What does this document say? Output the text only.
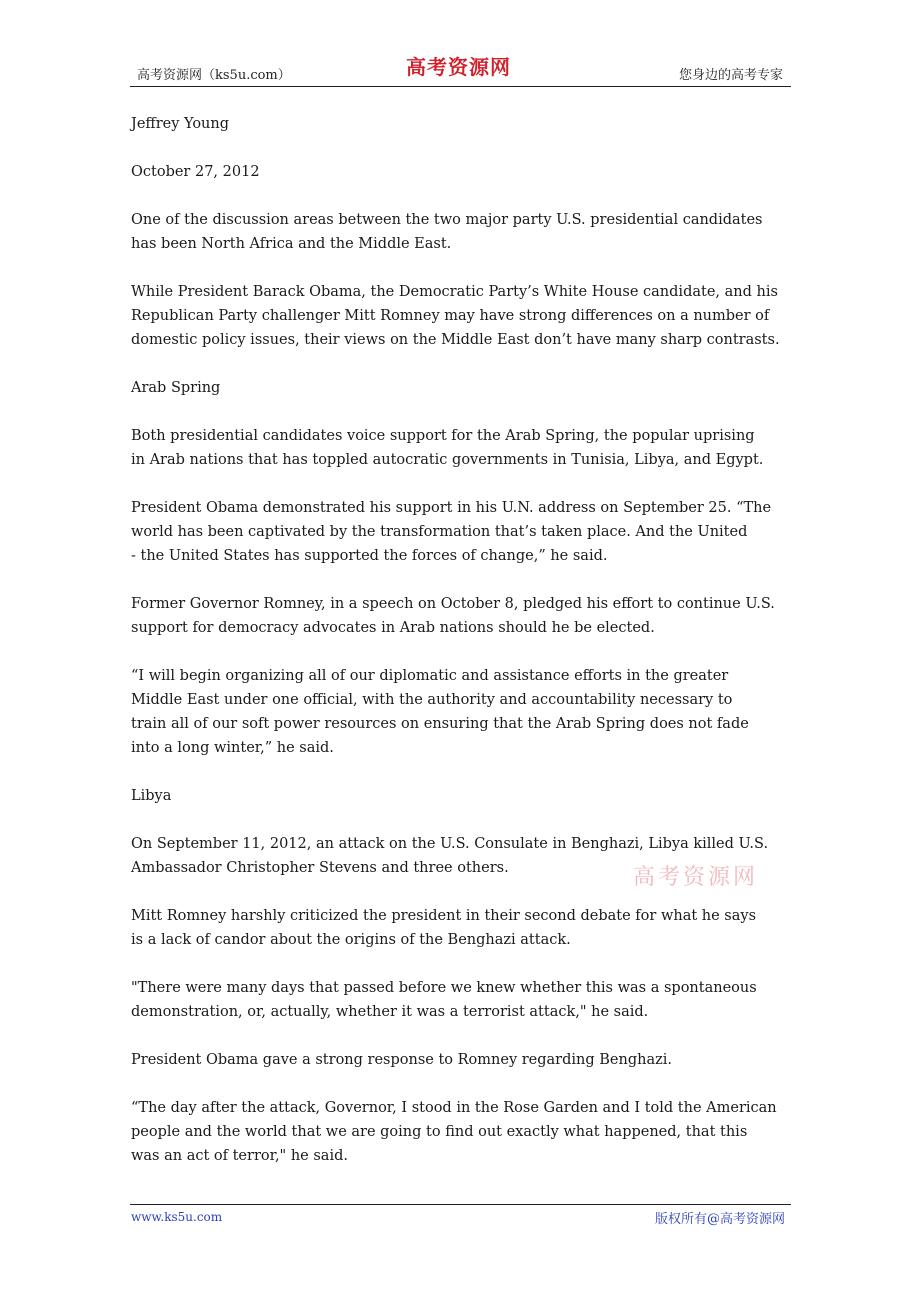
高考资源网（ks5u.com）	高考资源网	您身边的高考专家

Jeffrey Young

October 27, 2012

One of the discussion areas between the two major party U.S. presidential candidates
has been North Africa and the Middle East.

While President Barack Obama, the Democratic Party’s White House candidate, and his
Republican Party challenger Mitt Romney may have strong differences on a number of
domestic policy issues, their views on the Middle East don’t have many sharp contrasts.

Arab Spring

Both presidential candidates voice support for the Arab Spring, the popular uprising
in Arab nations that has toppled autocratic governments in Tunisia, Libya, and Egypt.

President Obama demonstrated his support in his U.N. address on September 25. “The
world has been captivated by the transformation that’s taken place. And the United
- the United States has supported the forces of change,” he said.

Former Governor Romney, in a speech on October 8, pledged his effort to continue U.S.
support for democracy advocates in Arab nations should he be elected.

“I will begin organizing all of our diplomatic and assistance efforts in the greater
Middle East under one official, with the authority and accountability necessary to
train all of our soft power resources on ensuring that the Arab Spring does not fade
into a long winter,” he said.

Libya

On September 11, 2012, an attack on the U.S. Consulate in Benghazi, Libya killed U.S.
Ambassador Christopher Stevens and three others.

Mitt Romney harshly criticized the president in their second debate for what he says
is a lack of candor about the origins of the Benghazi attack.

"There were many days that passed before we knew whether this was a spontaneous
demonstration, or, actually, whether it was a terrorist attack," he said.

President Obama gave a strong response to Romney regarding Benghazi.

“The day after the attack, Governor, I stood in the Rose Garden and I told the American
people and the world that we are going to find out exactly what happened, that this
was an act of terror," he said.

高考资源网
www.ks5u.com	版权所有@高考资源网
